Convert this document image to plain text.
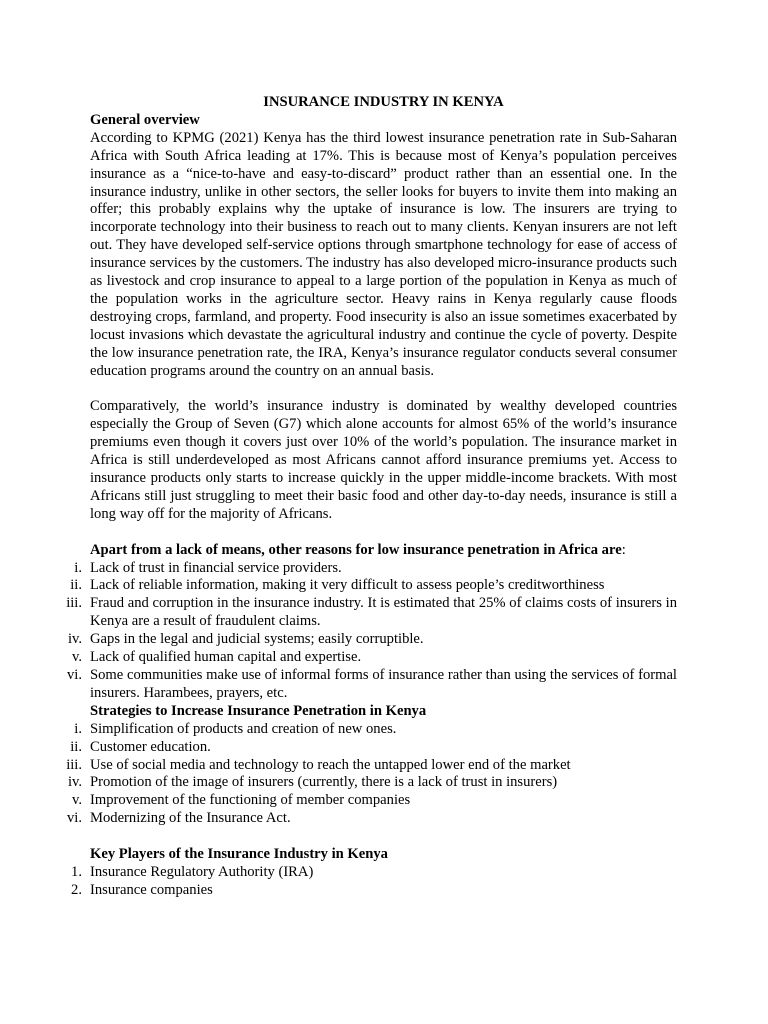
INSURANCE INDUSTRY IN KENYA

General overview

According to KPMG (2021) Kenya has the third lowest insurance penetration rate in Sub-Saharan Africa with South Africa leading at 17%. This is because most of Kenya’s population perceives insurance as a “nice-to-have and easy-to-discard” product rather than an essential one. In the insurance industry, unlike in other sectors, the seller looks for buyers to invite them into making an offer; this probably explains why the uptake of insurance is low. The insurers are trying to incorporate technology into their business to reach out to many clients. Kenyan insurers are not left out. They have developed self-service options through smartphone technology for ease of access of insurance services by the customers. The industry has also developed micro-insurance products such as livestock and crop insurance to appeal to a large portion of the population in Kenya as much of the population works in the agriculture sector. Heavy rains in Kenya regularly cause floods destroying crops, farmland, and property. Food insecurity is also an issue sometimes exacerbated by locust invasions which devastate the agricultural industry and continue the cycle of poverty. Despite the low insurance penetration rate, the IRA, Kenya’s insurance regulator conducts several consumer education programs around the country on an annual basis.

Comparatively, the world’s insurance industry is dominated by wealthy developed countries especially the Group of Seven (G7) which alone accounts for almost 65% of the world’s insurance premiums even though it covers just over 10% of the world’s population. The insurance market in Africa is still underdeveloped as most Africans cannot afford insurance premiums yet. Access to insurance products only starts to increase quickly in the upper middle-income brackets. With most Africans still just struggling to meet their basic food and other day-to-day needs, insurance is still a long way off for the majority of Africans.

Apart from a lack of means, other reasons for low insurance penetration in Africa are:

i. Lack of trust in financial service providers.
ii. Lack of reliable information, making it very difficult to assess people’s creditworthiness
iii. Fraud and corruption in the insurance industry. It is estimated that 25% of claims costs of insurers in Kenya are a result of fraudulent claims.
iv. Gaps in the legal and judicial systems; easily corruptible.
v. Lack of qualified human capital and expertise.
vi. Some communities make use of informal forms of insurance rather than using the services of formal insurers. Harambees, prayers, etc.

Strategies to Increase Insurance Penetration in Kenya

i. Simplification of products and creation of new ones.
ii. Customer education.
iii. Use of social media and technology to reach the untapped lower end of the market
iv. Promotion of the image of insurers (currently, there is a lack of trust in insurers)
v. Improvement of the functioning of member companies
vi. Modernizing of the Insurance Act.

Key Players of the Insurance Industry in Kenya

1. Insurance Regulatory Authority (IRA)
2. Insurance companies
